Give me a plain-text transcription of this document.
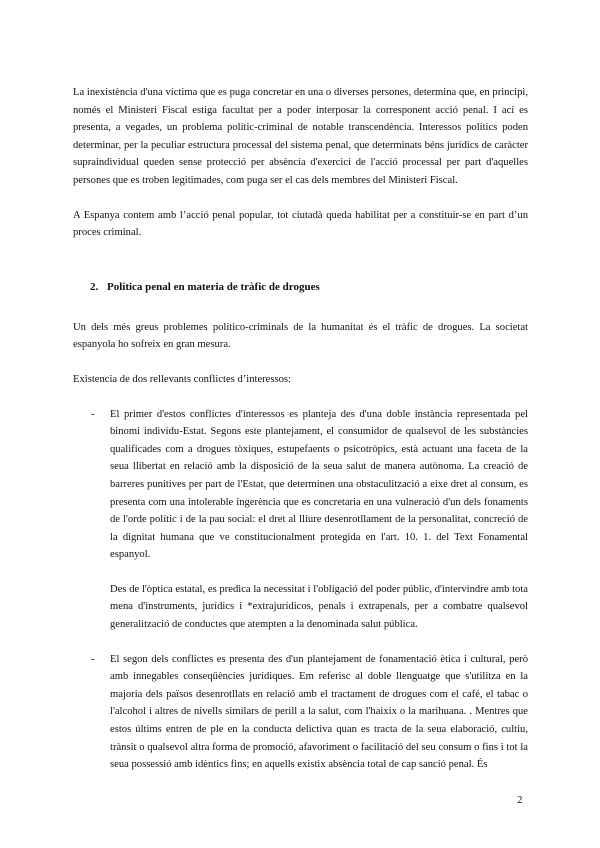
La inexistència d'una víctima que es puga concretar en una o diverses persones, determina que, en principi, només el Ministeri Fiscal estiga facultat per a poder interposar la corresponent acció penal. I ací es presenta, a vegades, un problema polític-criminal de notable transcendència. Interessos polítics poden determinar, per la peculiar estructura processal del sistema penal, que determinats béns jurídics de caràcter supraindividual queden sense protecció per absència d'exercici de l'acció processal per part d'aquelles persones que es troben legitimades, com puga ser el cas dels membres del Ministeri Fiscal.

A Espanya contem amb l’acció penal popular, tot ciutadà queda habilitat per a constituir-se en part d’un proces criminal.

2. Política penal en materia de tràfic de drogues

Un dels més greus problemes político-criminals de la humanitat és el tràfic de drogues. La societat espanyola ho sofreix en gran mesura.

Existencia de dos rellevants conflictes d’interessos:

- El primer d'estos conflictes d'interessos es planteja des d'una doble instància representada pel binomi individu-Estat. Segons este plantejament, el consumidor de qualsevol de les substàncies qualificades com a drogues tòxiques, estupefaents o psicotròpics, està actuant una faceta de la seua llibertat en relació amb la disposició de la seua salut de manera autònoma. La creació de barreres punitives per part de l'Estat, que determinen una obstaculització a eixe dret al consum, es presenta com una intolerable ingerència que es concretaria en una vulneració d'un dels fonaments de l'orde polític i de la pau social: el dret al lliure desenrotllament de la personalitat, concreció de la dignitat humana que ve constitucionalment protegida en l'art. 10. 1. del Text Fonamental espanyol.

Des de l'òptica estatal, es predica la necessitat i l'obligació del poder públic, d'intervindre amb tota mena d'instruments, jurídics i *extrajurídicos, penals i extrapenals, per a combatre qualsevol generalització de conductes que atempten a la denominada salut pública.

- El segon dels conflictes es presenta des d'un plantejament de fonamentació ètica i cultural, però amb innegables conseqüències jurídiques. Em referisc al doble llenguatge que s'utilitza en la majoria dels països desenrotllats en relació amb el tractament de drogues com el café, el tabac o l'alcohol i altres de nivells similars de perill a la salut, com l'haixix o la marihuana. . Mentres que estos últims entren de ple en la conducta delictiva quan es tracta de la seua elaboració, cultiu, trànsit o qualsevol altra forma de promoció, afavoriment o facilitació del seu consum o fins i tot la seua possessió amb idèntics fins; en aquells existix absència total de cap sanció penal. És

2
